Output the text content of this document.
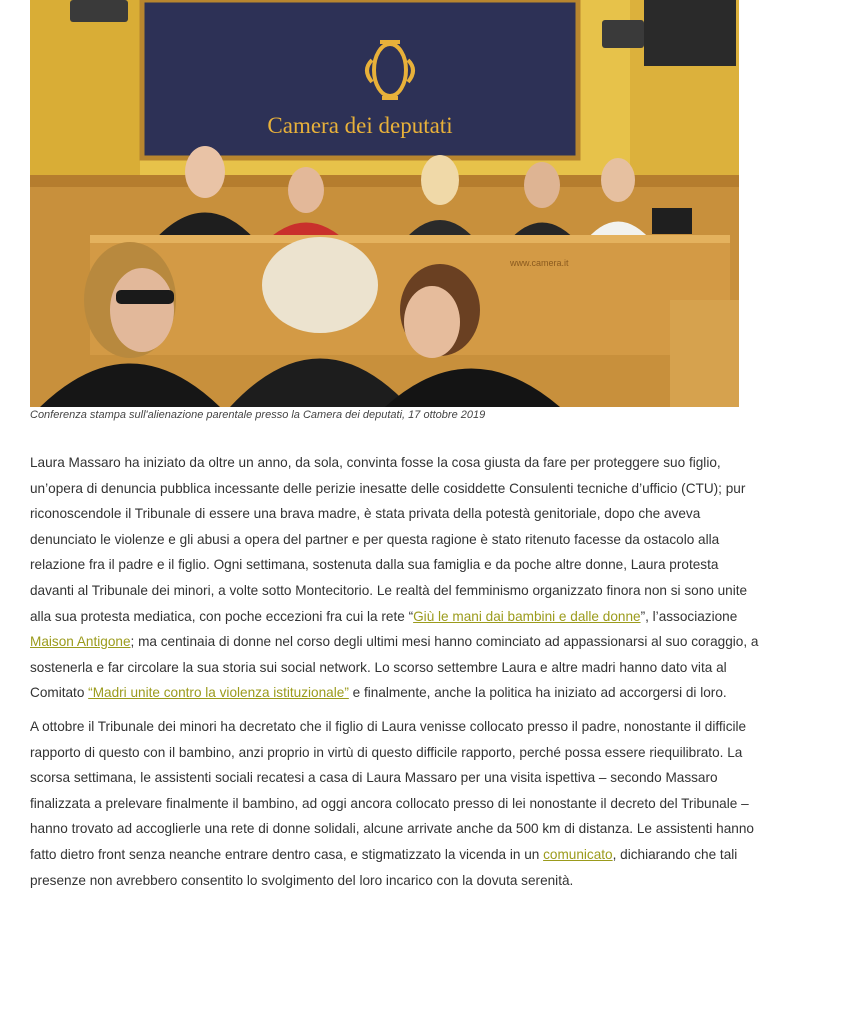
Camera dei deputati
www.camera.it
Conferenza stampa sull'alienazione parentale presso la Camera dei deputati, 17 ottobre 2019

Laura Massaro ha iniziato da oltre un anno, da sola, convinta fosse la cosa giusta da fare per proteggere suo figlio, un’opera di denuncia pubblica incessante delle perizie inesatte delle cosiddette Consulenti tecniche d’ufficio (CTU); pur riconoscendole il Tribunale di essere una brava madre, è stata privata della potestà genitoriale, dopo che aveva denunciato le violenze e gli abusi a opera del partner e per questa ragione è stato ritenuto facesse da ostacolo alla relazione fra il padre e il figlio. Ogni settimana, sostenuta dalla sua famiglia e da poche altre donne, Laura protesta davanti al Tribunale dei minori, a volte sotto Montecitorio. Le realtà del femminismo organizzato finora non si sono unite alla sua protesta mediatica, con poche eccezioni fra cui la rete “Giù le mani dai bambini e dalle donne”, l’associazione Maison Antigone; ma centinaia di donne nel corso degli ultimi mesi hanno cominciato ad appassionarsi al suo coraggio, a sostenerla e far circolare la sua storia sui social network. Lo scorso settembre Laura e altre madri hanno dato vita al Comitato “Madri unite contro la violenza istituzionale” e finalmente, anche la politica ha iniziato ad accorgersi di loro.

A ottobre il Tribunale dei minori ha decretato che il figlio di Laura venisse collocato presso il padre, nonostante il difficile rapporto di questo con il bambino, anzi proprio in virtù di questo difficile rapporto, perché possa essere riequilibrato. La scorsa settimana, le assistenti sociali recatesi a casa di Laura Massaro per una visita ispettiva – secondo Massaro finalizzata a prelevare finalmente il bambino, ad oggi ancora collocato presso di lei nonostante il decreto del Tribunale – hanno trovato ad accoglierle una rete di donne solidali, alcune arrivate anche da 500 km di distanza. Le assistenti hanno fatto dietro front senza neanche entrare dentro casa, e stigmatizzato la vicenda in un comunicato, dichiarando che tali presenze non avrebbero consentito lo svolgimento del loro incarico con la dovuta serenità.
